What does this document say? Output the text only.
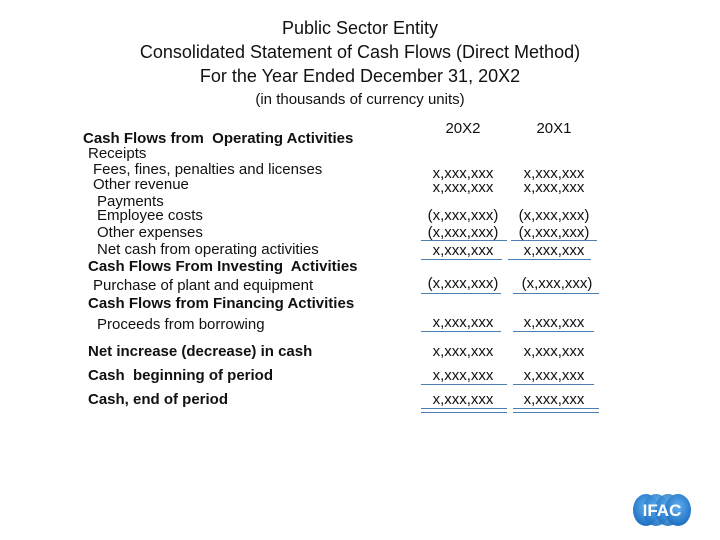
Public Sector Entity
Consolidated Statement of Cash Flows (Direct Method)
For the Year Ended December 31, 20X2
(in thousands of currency units)
20X2	20X1
Cash Flows from  Operating Activities
Receipts
Fees, fines, penalties and licenses	x,xxx,xxx	x,xxx,xxx
Other revenue	x,xxx,xxx	x,xxx,xxx
Payments
Employee costs	(x,xxx,xxx)	(x,xxx,xxx)
Other expenses	(x,xxx,xxx)	(x,xxx,xxx)
Net cash from operating activities	x,xxx,xxx	x,xxx,xxx
Cash Flows From Investing  Activities
Purchase of plant and equipment	(x,xxx,xxx)	(x,xxx,xxx)
Cash Flows from Financing Activities
Proceeds from borrowing	x,xxx,xxx	x,xxx,xxx
Net increase (decrease) in cash	x,xxx,xxx	x,xxx,xxx
Cash  beginning of period	x,xxx,xxx	x,xxx,xxx
Cash, end of period	x,xxx,xxx	x,xxx,xxx
IFAC
